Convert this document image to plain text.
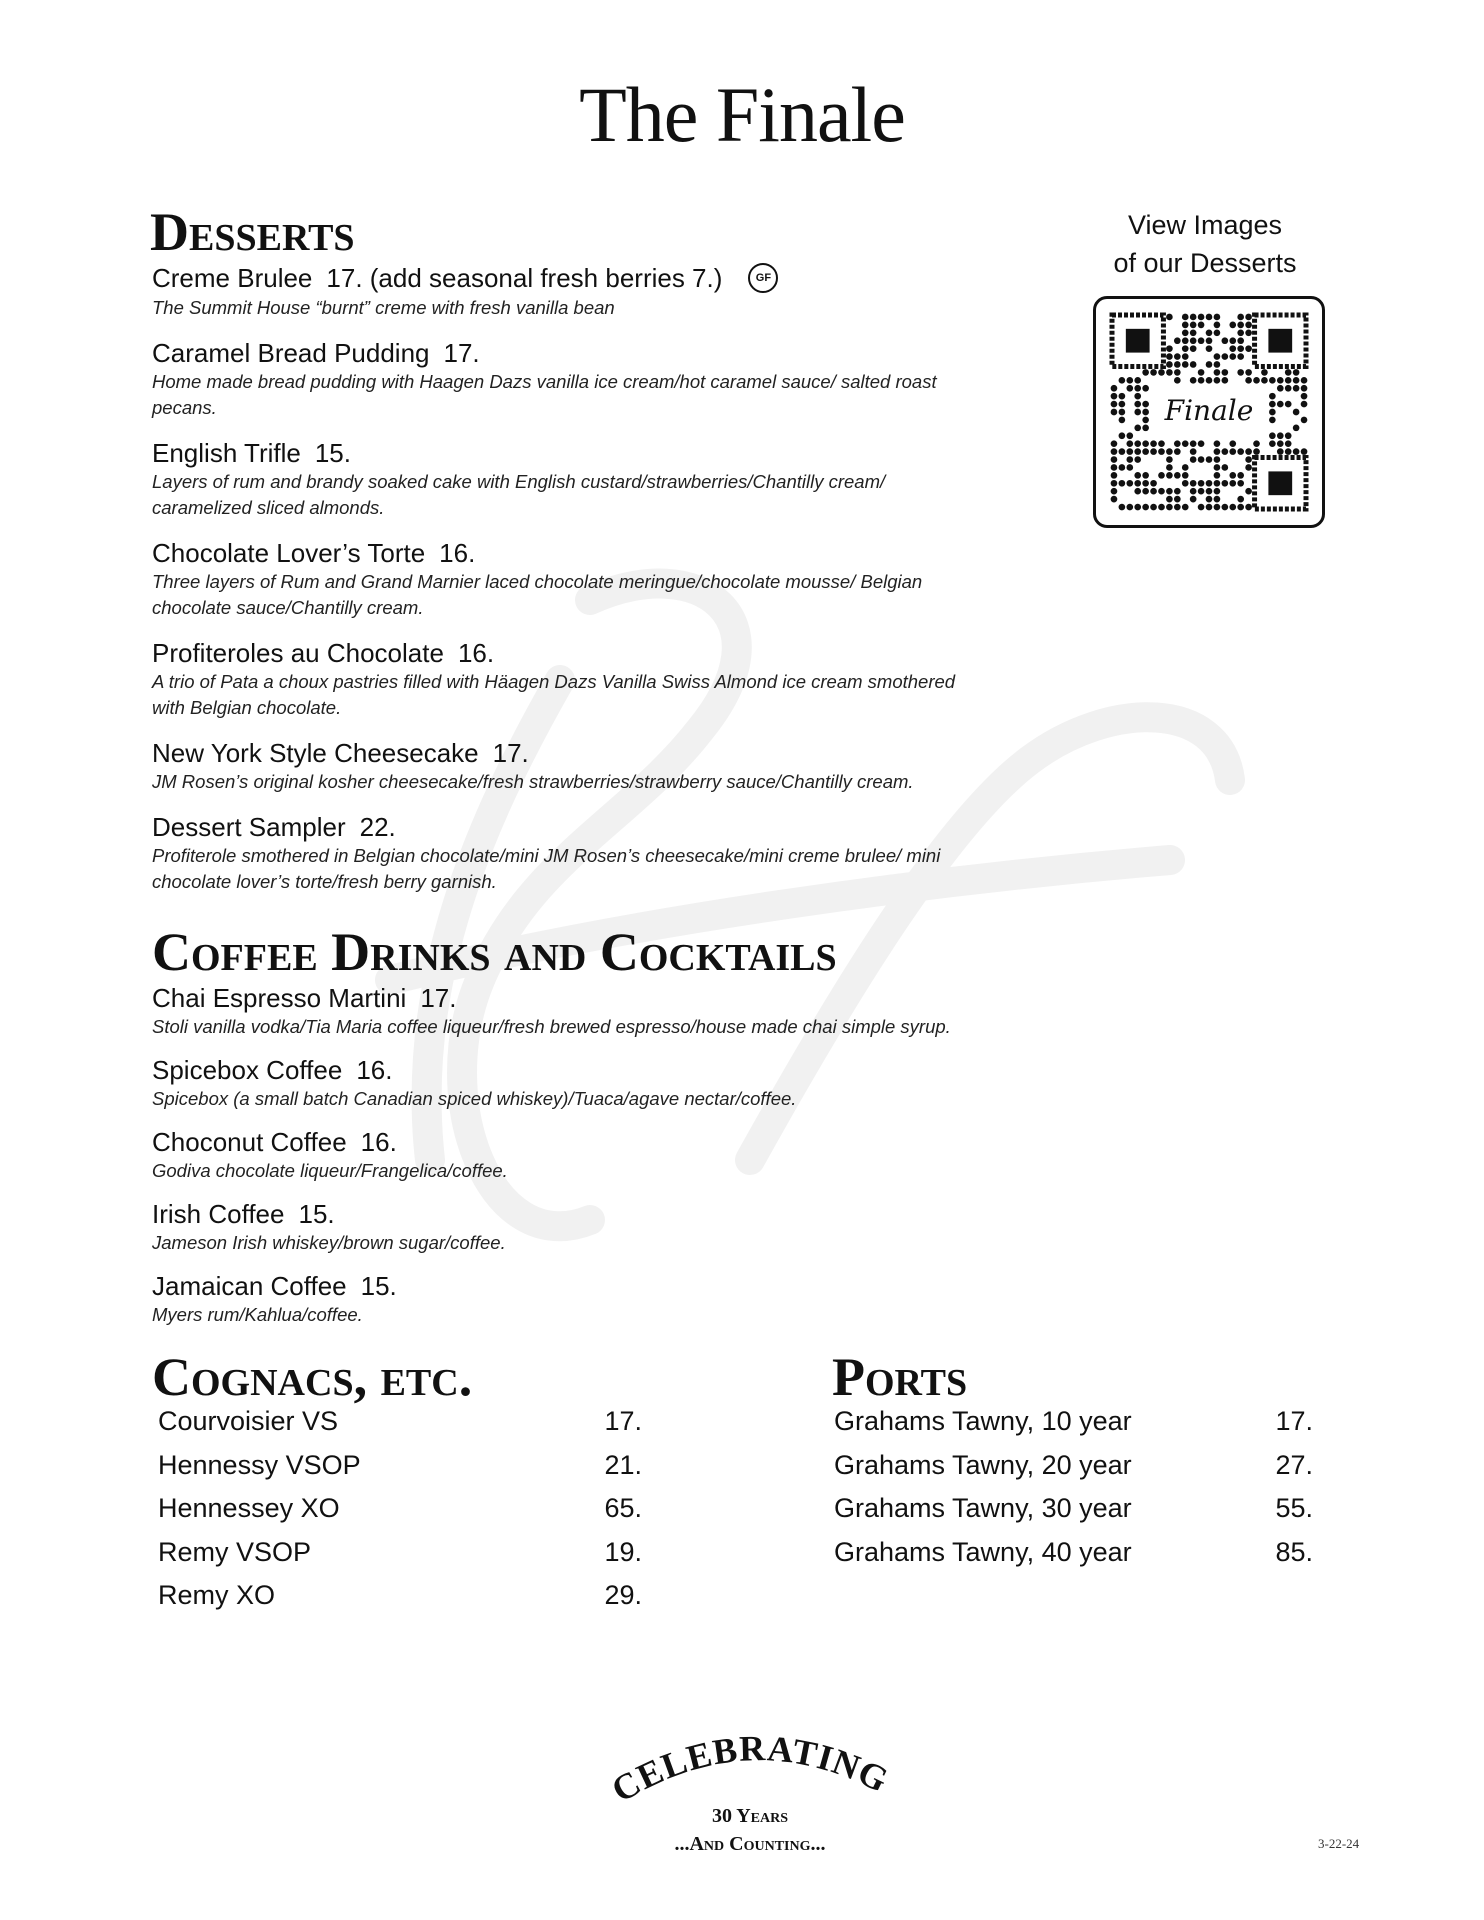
The Finale
Desserts
Creme Brulee 17. (add seasonal fresh berries 7.)	GF
The Summit House “burnt” creme with fresh vanilla bean
Caramel Bread Pudding 17.
Home made bread pudding with Haagen Dazs vanilla ice cream/hot caramel sauce/ salted roast pecans.
English Trifle 15.
Layers of rum and brandy soaked cake with English custard/strawberries/Chantilly cream/ caramelized sliced almonds.
Chocolate Lover’s Torte 16.
Three layers of Rum and Grand Marnier laced chocolate meringue/chocolate mousse/ Belgian chocolate sauce/Chantilly cream.
Profiteroles au Chocolate 16.
A trio of Pata a choux pastries filled with Häagen Dazs Vanilla Swiss Almond ice cream smothered with Belgian chocolate.
New York Style Cheesecake 17.
JM Rosen’s original kosher cheesecake/fresh strawberries/strawberry sauce/Chantilly cream.
Dessert Sampler 22.
Profiterole smothered in Belgian chocolate/mini JM Rosen’s cheesecake/mini creme brulee/ mini chocolate lover’s torte/fresh berry garnish.
View Images
of our Desserts
Finale
Coffee Drinks and Cocktails
Chai Espresso Martini 17.
Stoli vanilla vodka/Tia Maria coffee liqueur/fresh brewed espresso/house made chai simple syrup.
Spicebox Coffee 16.
Spicebox (a small batch Canadian spiced whiskey)/Tuaca/agave nectar/coffee.
Choconut Coffee 16.
Godiva chocolate liqueur/Frangelica/coffee.
Irish Coffee 15.
Jameson Irish whiskey/brown sugar/coffee.
Jamaican Coffee 15.
Myers rum/Kahlua/coffee.
Cognacs, etc.
Courvoisier VS	17.
Hennessy VSOP	21.
Hennessey XO	65.
Remy VSOP	19.
Remy XO	29.
Ports
Grahams Tawny, 10 year	17.
Grahams Tawny, 20 year	27.
Grahams Tawny, 30 year	55.
Grahams Tawny, 40 year	85.
CELEBRATING
30 Years
...And Counting...	3-22-24
